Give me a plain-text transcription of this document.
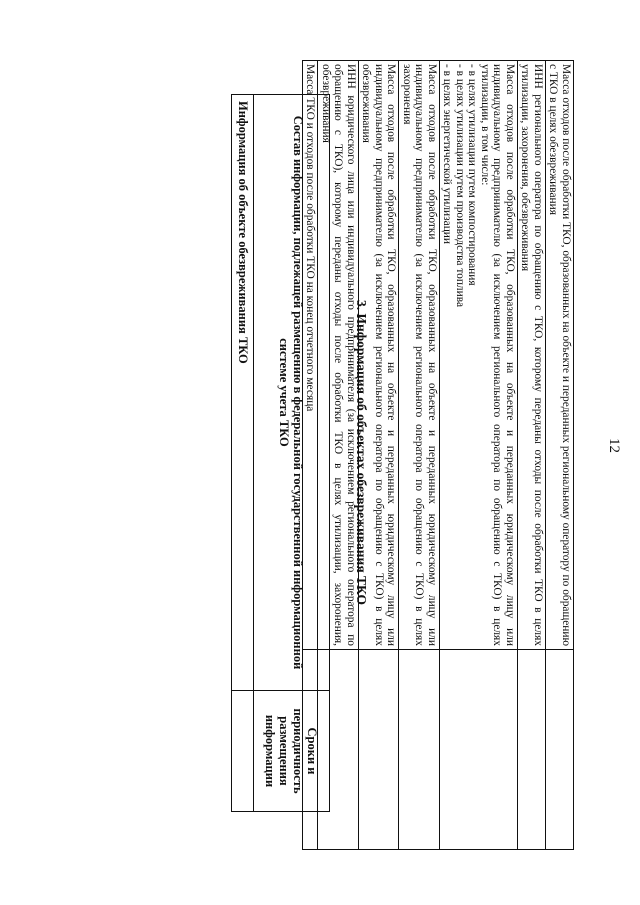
12
Масса отходов после обработки ТКО, образованных на объекте и переданных региональному оператору по обращению с ТКО в целях обезвреживания	
ИНН регионального оператора по обращению с ТКО, которому переданы отходы после обработки ТКО в целях утилизации, захоронения, обезвреживания	
Масса отходов после обработки ТКО, образованных на объекте и переданных юридическому лицу или индивидуальному предпринимателю (за исключением регионального оператора по обращению с ТКО) в целях утилизации, в том числе:
- в целях утилизации путем компостирования
- в целях утилизации путем производства топлива
- в целях энергетической утилизации	

Масса отходов после обработки ТКО, образованных на объекте и переданных юридическому лицу или индивидуальному предпринимателю (за исключением регионального оператора по обращению с ТКО) в целях захоронения	
Масса отходов после обработки ТКО, образованных на объекте и переданных юридическому лицу или индивидуальному предпринимателю (за исключением регионального оператора по обращению с ТКО) в целях обезвреживания	
ИНН юридического лица или индивидуального предпринимателя (за исключением регионального оператора по обращению с ТКО), которому переданы отходы после обработки ТКО в целях утилизации, захоронения, обезвреживания	
Масса ТКО и отходов после обработки ТКО на конец отчетного месяца	
3. Информация об объектах обезвреживания ТКО
Состав информации, подлежащей размещению в федеральной государственной информационной системе учета ТКО	Сроки и периодичность размещения информации
Информация об объекте обезвреживания ТКО	
